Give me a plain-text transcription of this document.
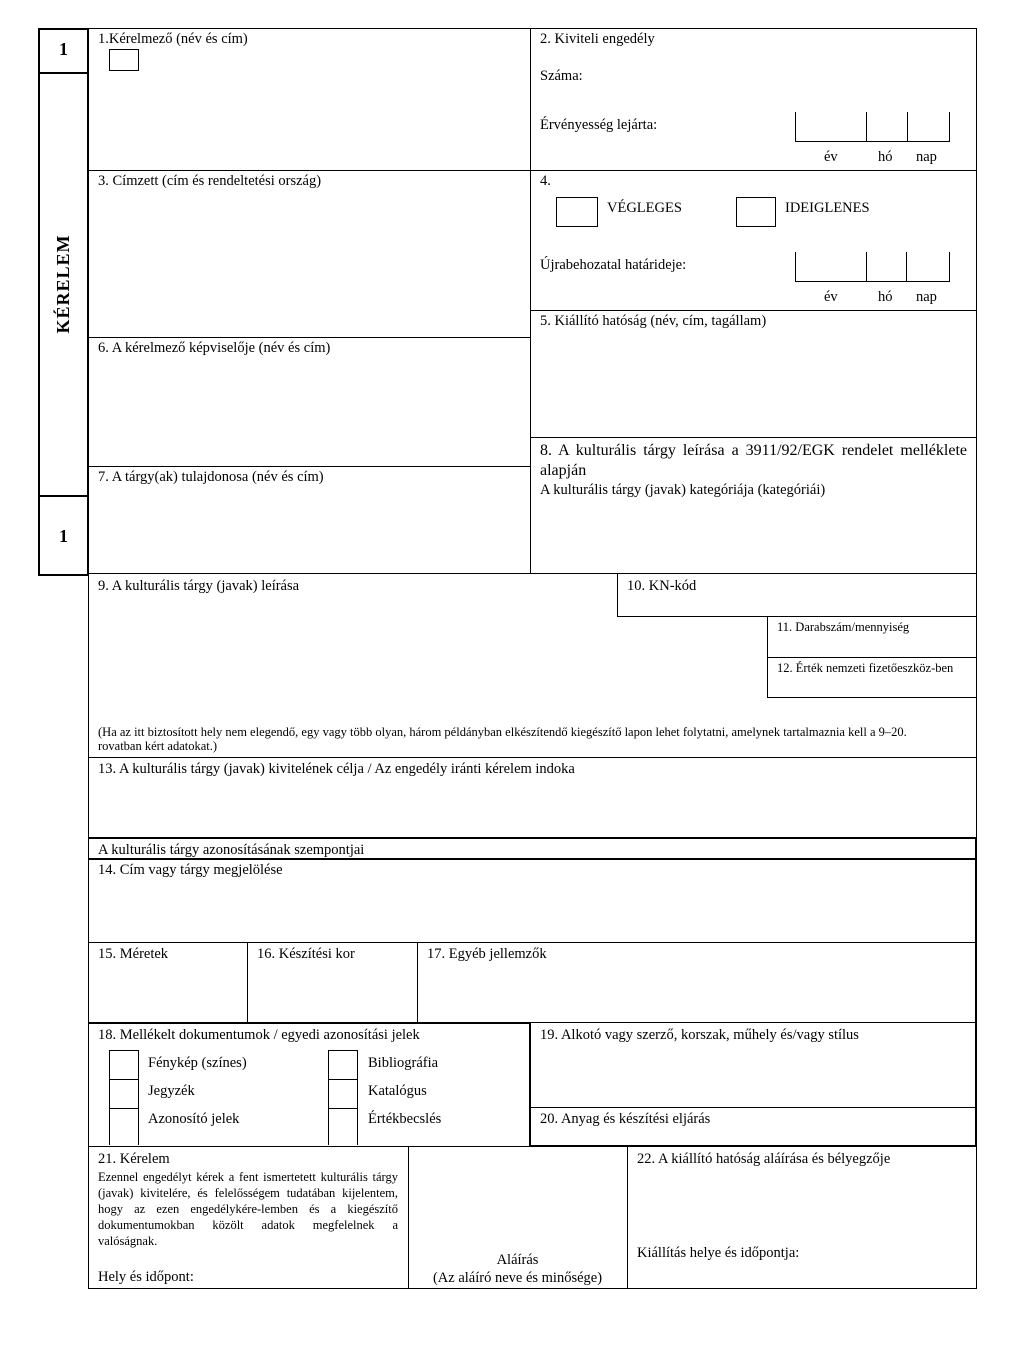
1
KÉRELEM
1
1.Kérelmező (név és cím)	2. Kiviteli engedély
Száma:
Érvényesség lejárta:
év	hó nap
3. Címzett (cím és rendeltetési ország)	4.
VÉGLEGES	IDEIGLENES
Újrabehozatal határideje:
év	hó nap
5. Kiállító hatóság (név, cím, tagállam)
6. A kérelmező képviselője (név és cím)
7. A tárgy(ak) tulajdonosa (név és cím)
8. A kulturális tárgy leírása a 3911/92/EGK rendelet melléklete alapján
A kulturális tárgy (javak) kategóriája (kategóriái)
9. A kulturális tárgy (javak) leírása	10. KN-kód
11. Darabszám/mennyiség
12. Érték nemzeti fizetőeszköz-ben
(Ha az itt biztosított hely nem elegendő, egy vagy több olyan, három példányban elkészítendő kiegészítő lapon lehet folytatni, amelynek tartalmaznia kell a 9–20. rovatban kért adatokat.)
13. A kulturális tárgy (javak) kivitelének célja / Az engedély iránti kérelem indoka
A kulturális tárgy azonosításának szempontjai
14. Cím vagy tárgy megjelölése
15. Méretek	16. Készítési kor	17. Egyéb jellemzők
18. Mellékelt dokumentumok / egyedi azonosítási jelek
Fénykép (színes)
Jegyzék
Azonosító jelek
Bibliográfia
Katalógus
Értékbecslés
19. Alkotó vagy szerző, korszak, műhely és/vagy stílus
20. Anyag és készítési eljárás
21. Kérelem
Ezennel engedélyt kérek a fent ismertetett kulturális tárgy (javak) kivitelére, és felelősségem tudatában kijelentem, hogy az ezen engedélykére-lemben és a kiegészítő dokumentumokban közölt adatok megfelelnek a valóságnak.
Hely és időpont:
Aláírás
(Az aláíró neve és minősége)
22. A kiállító hatóság aláírása és bélyegzője
Kiállítás helye és időpontja:
